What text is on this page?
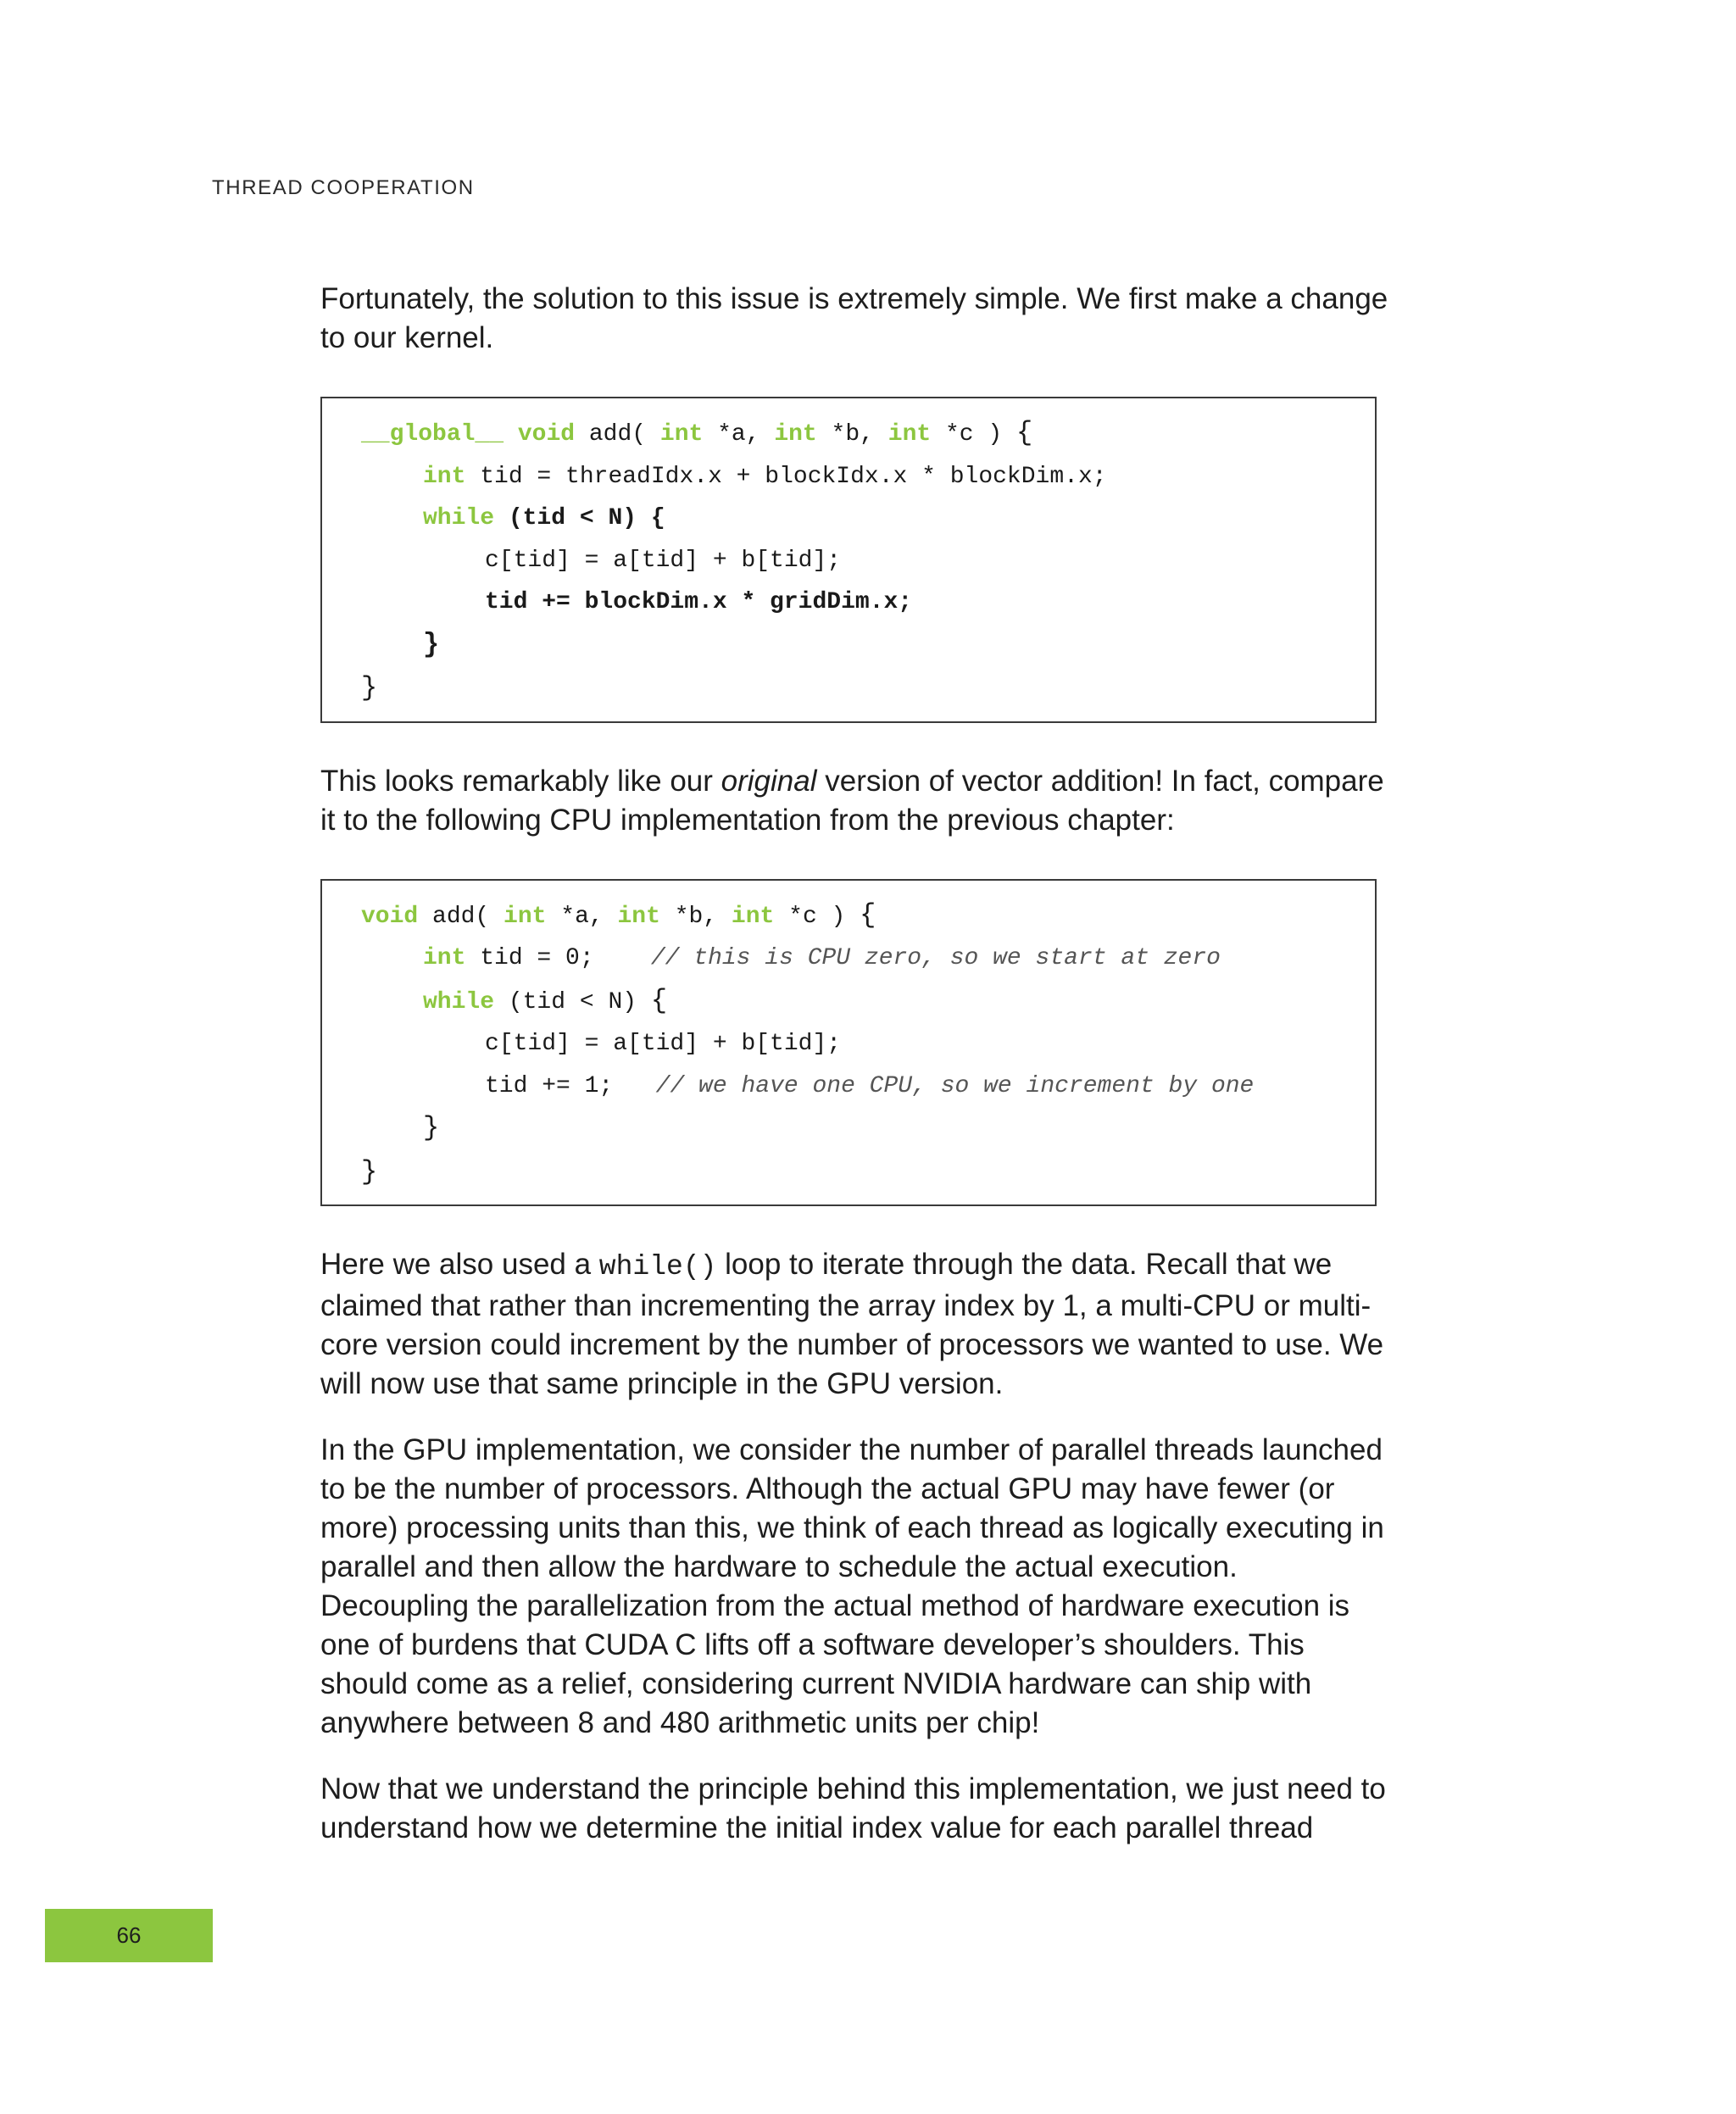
THREAD COOPERATION

Fortunately, the solution to this issue is extremely simple. We first make a change to our kernel.

__global__ void add( int *a, int *b, int *c ) {
int tid = threadIdx.x + blockIdx.x * blockDim.x;
while (tid < N) {
c[tid] = a[tid] + b[tid];
tid += blockDim.x * gridDim.x;
}
}

This looks remarkably like our original version of vector addition! In fact, compare it to the following CPU implementation from the previous chapter:

void add( int *a, int *b, int *c ) {
int tid = 0;    // this is CPU zero, so we start at zero
while (tid < N) {
c[tid] = a[tid] + b[tid];
tid += 1;   // we have one CPU, so we increment by one
}
}

Here we also used a while() loop to iterate through the data. Recall that we claimed that rather than incrementing the array index by 1, a multi-CPU or multi-core version could increment by the number of processors we wanted to use. We will now use that same principle in the GPU version.

In the GPU implementation, we consider the number of parallel threads launched to be the number of processors. Although the actual GPU may have fewer (or more) processing units than this, we think of each thread as logically executing in parallel and then allow the hardware to schedule the actual execution. Decoupling the parallelization from the actual method of hardware execution is one of burdens that CUDA C lifts off a software developer’s shoulders. This should come as a relief, considering current NVIDIA hardware can ship with anywhere between 8 and 480 arithmetic units per chip!

Now that we understand the principle behind this implementation, we just need to understand how we determine the initial index value for each parallel thread

66
